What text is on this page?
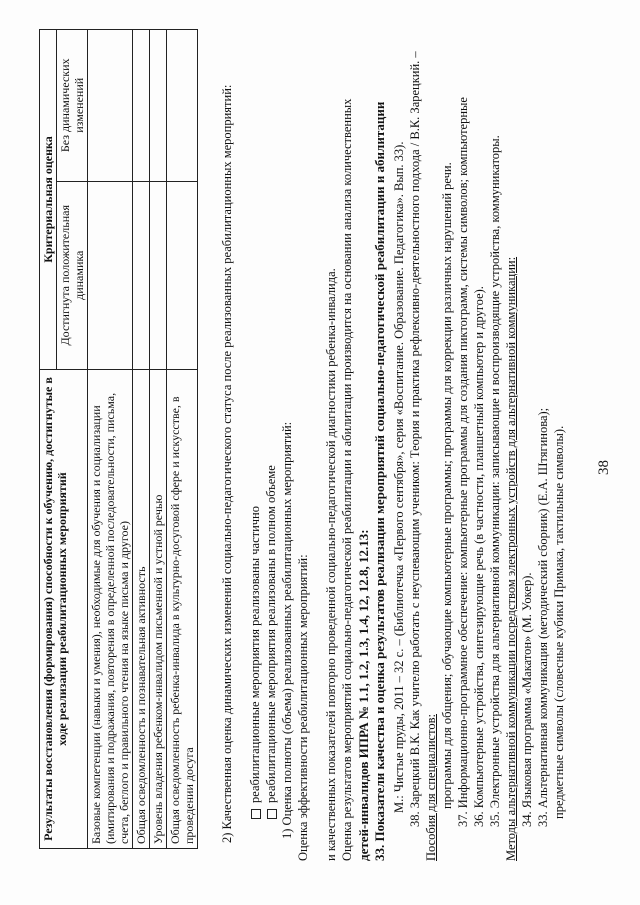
38
предметные символы (словесные кубики Примака, тактильные символы).
33. Альтернативная коммуникация (методический сборник) (Е.А. Штягинова);
34. Языковая программа «Макатон» (М. Уокер).
Методы альтернативной коммуникации посредством электронных устройств для альтернативной коммуникации:
35. Электронные устройства для альтернативной коммуникации: записывающие и воспроизводящие устройства, коммуникаторы.
36. Компьютерные устройства, синтезирующие речь (в частности, планшетный компьютер и другое).
37. Информационно-программное обеспечение: компьютерные программы для создания пиктограмм, системы символов; компьютерные
программы для общения; обучающие компьютерные программы; программы для коррекции различных нарушений речи.
Пособия для специалистов:
38. Зарецкий В.К. Как учителю работать с неуспевающим учеником: Теория и практика рефлексивно-деятельностного подхода / В.К. Зарецкий. –
М.: Чистые пруды, 2011 – 32 с. – (Библиотечка «Первого сентября», серия «Воспитание. Образование. Педагогика». Вып. 33).
33. Показатели качества и оценка результатов реализации мероприятий социально-педагогической реабилитации и абилитации
детей-инвалидов ИПРА № 1.1, 1.2, 1.3, 1.4, 12, 12.8, 12.13:
Оценка результатов мероприятий социально-педагогической реабилитации и абилитации производится на основании анализа количественных
и качественных показателей повторно проведенной социально-педагогической диагностики ребенка-инвалида.
Оценка эффективности реабилитационных мероприятий:
1) Оценка полноты (объема) реализованных реабилитационных мероприятий:
реабилитационные мероприятия реализованы в полном объеме
реабилитационные мероприятия реализованы частично
2) Качественная оценка динамических изменений социально-педагогического статуса после реализованных реабилитационных мероприятий:
Результаты восстановления (формирования) способности к обучению, достигнутые в ходе реализации реабилитационных мероприятий	Критериальная оценка	
	Достигнута положительная динамика	Без динамических изменений
Базовые компетенции (навыки и умения), необходимые для обучения и социализации (имитирования и подражания, повторения в определенной последовательности, письма, счета, беглого и правильного чтения на языке письма и другое)		
Общая осведомленность и познавательная активность		
Уровень владения ребенком-инвалидом письменной и устной речью		
Общая осведомленность ребенка-инвалида в культурно-досуговой сфере и искусстве, в проведении досуга		
